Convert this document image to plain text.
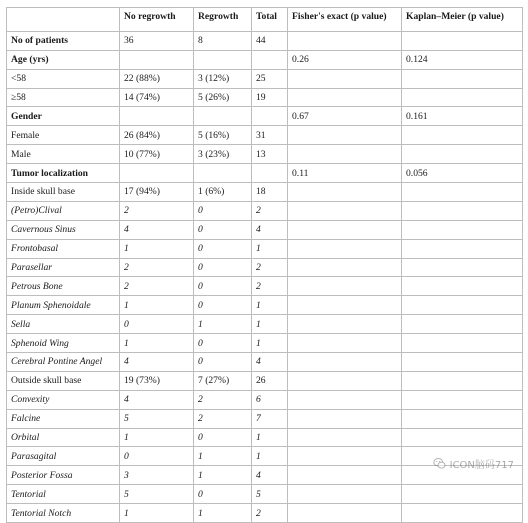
	No regrowth	Regrowth	Total	Fisher's exact (p value)	Kaplan–Meier (p value)
No of patients	36	8	44		
Age (yrs)				0.26	0.124
<58	22 (88%)	3 (12%)	25		
≥58	14 (74%)	5 (26%)	19		
Gender				0.67	0.161
Female	26 (84%)	5 (16%)	31		
Male	10 (77%)	3 (23%)	13		
Tumor localization				0.11	0.056
Inside skull base	17 (94%)	1 (6%)	18		
(Petro)Clival	2	0	2		
Cavernous Sinus	4	0	4		
Frontobasal	1	0	1		
Parasellar	2	0	2		
Petrous Bone	2	0	2		
Planum Sphenoidale	1	0	1		
Sella	0	1	1		
Sphenoid Wing	1	0	1		
Cerebral Pontine Angel	4	0	4		
Outside skull base	19 (73%)	7 (27%)	26		
Convexity	4	2	6		
Falcine	5	2	7		
Orbital	1	0	1		
Parasagital	0	1	1		
Posterior Fossa	3	1	4		
Tentorial	5	0	5		
Tentorial Notch	1	1	2		
ICON脑码717
